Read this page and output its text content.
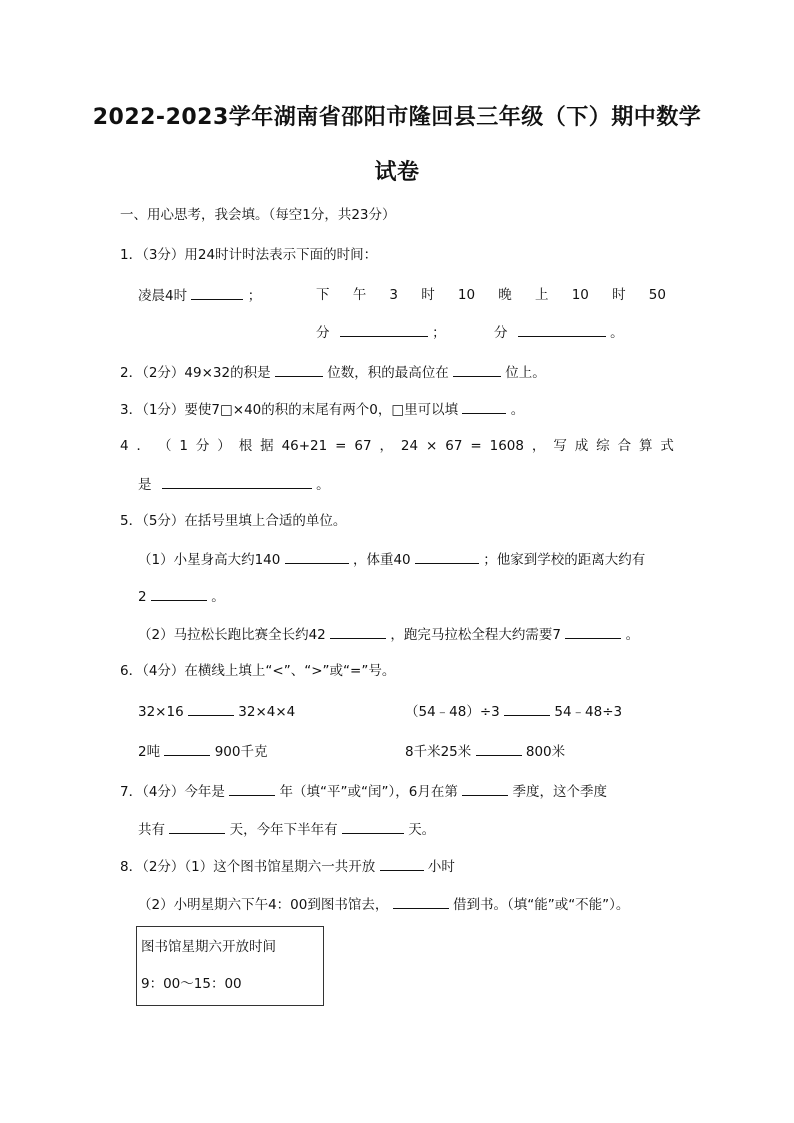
2022-2023学年湖南省邵阳市隆回县三年级（下）期中数学
试卷
一、用心思考，我会填。（每空1分，共23分）
1．（3分）用24时计时法表示下面的时间：
凌晨4时	；	下 午 3 时 10 晚 上 10 时 50
分	；	分	。
2．（2分）49×32的积是	位数，积的最高位在	位上。
3．（1分）要使7□×40的积的末尾有两个0，□里可以填	。
4 ． （ 1 分 ） 根 据 46+21 = 67 ， 24 × 67 = 1608 ， 写 成 综 合 算 式
是	。
5．（5分）在括号里填上合适的单位。
（1）小星身高大约140	，体重40	；他家到学校的距离大约有
2	。
（2）马拉松长跑比赛全长约42	，跑完马拉松全程大约需要7	。
6．（4分）在横线上填上“<”、“>”或“=”号。
32×16	32×4×4	（54﹣48）÷3	54﹣48÷3
2吨	900千克	8千米25米	800米
7．（4分）今年是	年（填“平”或“闰”），6月在第	季度，这个季度
共有	天，今年下半年有	天。
8．（2分）（1）这个图书馆星期六一共开放	小时
（2）小明星期六下午4：00到图书馆去，	借到书。（填“能”或“不能”）。
图书馆星期六开放时间
9：00～15：00
